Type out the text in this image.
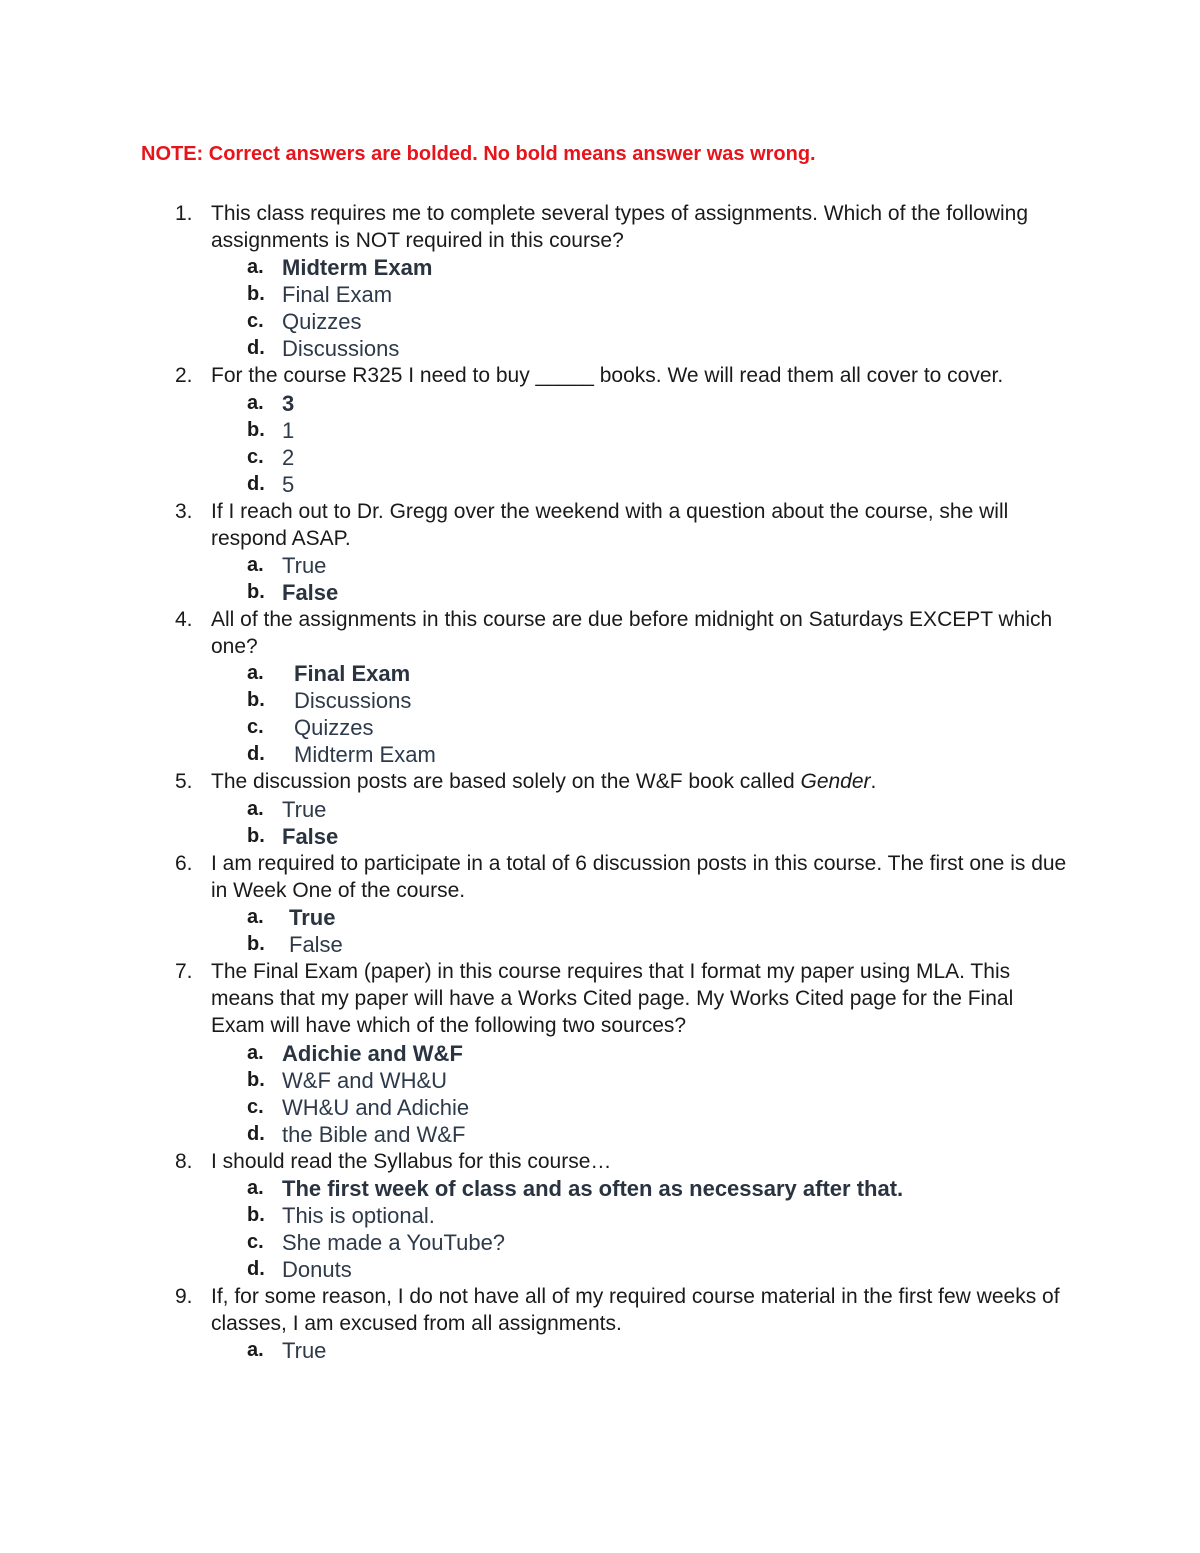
NOTE: Correct answers are bolded. No bold means answer was wrong.

1. This class requires me to complete several types of assignments. Which of the following assignments is NOT required in this course?

a. Midterm Exam
b. Final Exam
c. Quizzes
d. Discussions
2. For the course R325 I need to buy _____ books. We will read them all cover to cover.

a. 3
b. 1
c. 2
d. 5
3. If I reach out to Dr. Gregg over the weekend with a question about the course, she will respond ASAP.

a. True
b. False
4. All of the assignments in this course are due before midnight on Saturdays EXCEPT which one?

a. Final Exam
b. Discussions
c. Quizzes
d. Midterm Exam
5. The discussion posts are based solely on the W&F book called Gender.

a. True
b. False
6. I am required to participate in a total of 6 discussion posts in this course. The first one is due in Week One of the course.

a. True
b. False
7. The Final Exam (paper) in this course requires that I format my paper using MLA. This means that my paper will have a Works Cited page. My Works Cited page for the Final Exam will have which of the following two sources?

a. Adichie and W&F
b. W&F and WH&U
c. WH&U and Adichie
d. the Bible and W&F
8. I should read the Syllabus for this course…

a. The first week of class and as often as necessary after that.
b. This is optional.
c. She made a YouTube?
d. Donuts
9. If, for some reason, I do not have all of my required course material in the first few weeks of classes, I am excused from all assignments.

a. True
